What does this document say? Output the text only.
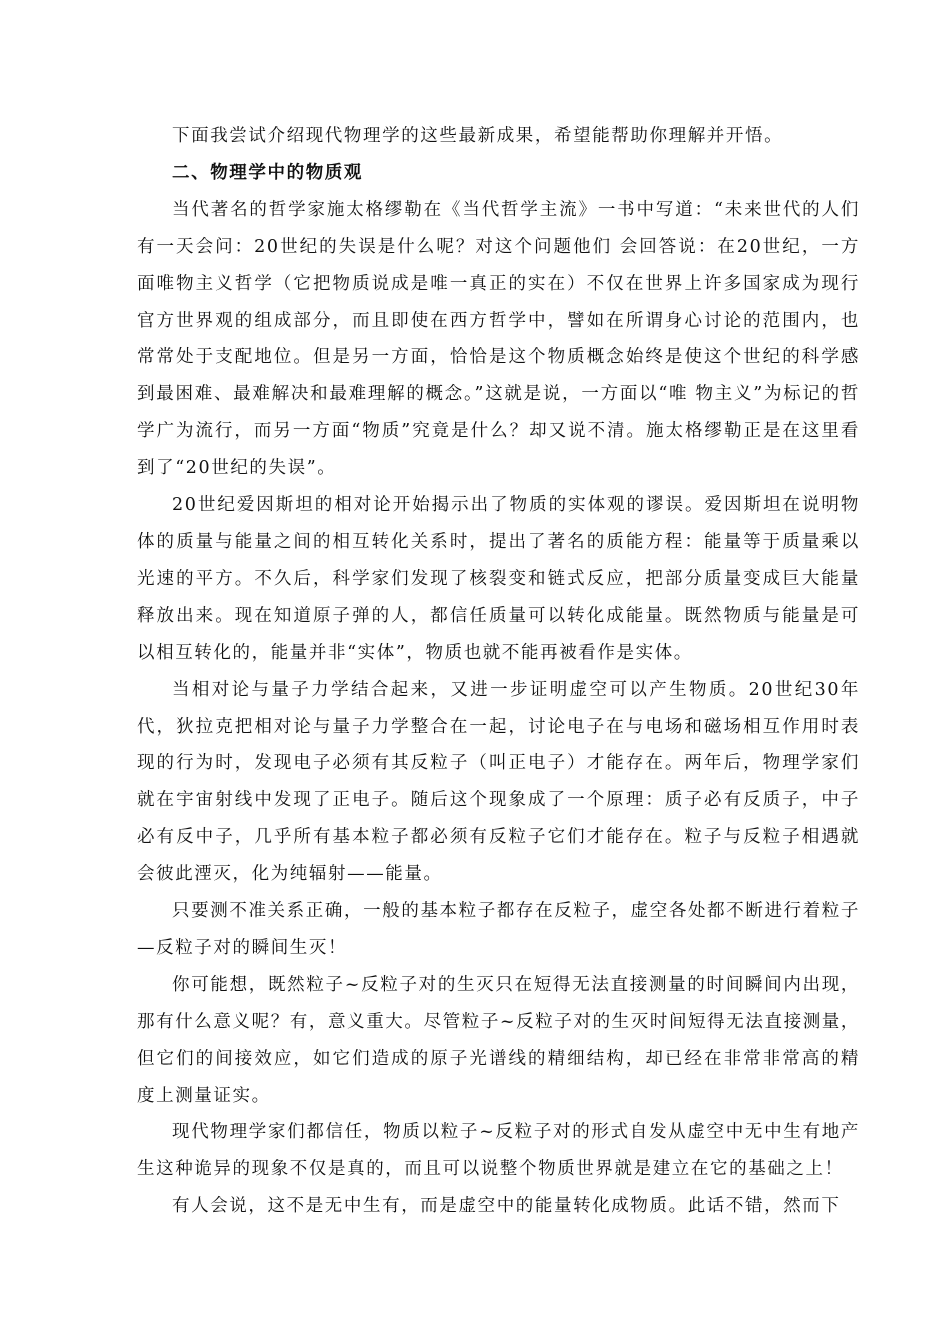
下面我尝试介绍现代物理学的这些最新成果，希望能帮助你理解并开悟。

二、物理学中的物质观

当代著名的哲学家施太格缪勒在《当代哲学主流》一书中写道：“未来世代的人们有一天会问：20世纪的失误是什么呢？对这个问题他们 会回答说：在20世纪，一方面唯物主义哲学（它把物质说成是唯一真正的实在）不仅在世界上许多国家成为现行官方世界观的组成部分，而且即使在西方哲学中，譬如在所谓身心讨论的范围内，也常常处于支配地位。但是另一方面，恰恰是这个物质概念始终是使这个世纪的科学感到最困难、最难解决和最难理解的概念。”这就是说，一方面以“唯 物主义”为标记的哲学广为流行，而另一方面“物质”究竟是什么？却又说不清。施太格缪勒正是在这里看到了“20世纪的失误”。

20世纪爱因斯坦的相对论开始揭示出了物质的实体观的谬误。爱因斯坦在说明物体的质量与能量之间的相互转化关系时，提出了著名的质能方程：能量等于质量乘以光速的平方。不久后，科学家们发现了核裂变和链式反应，把部分质量变成巨大能量释放出来。现在知道原子弹的人，都信任质量可以转化成能量。既然物质与能量是可以相互转化的，能量并非“实体”，物质也就不能再被看作是实体。

当相对论与量子力学结合起来，又进一步证明虚空可以产生物质。20世纪30年代，狄拉克把相对论与量子力学整合在一起，讨论电子在与电场和磁场相互作用时表现的行为时，发现电子必须有其反粒子（叫正电子）才能存在。两年后，物理学家们就在宇宙射线中发现了正电子。随后这个现象成了一个原理：质子必有反质子，中子必有反中子，几乎所有基本粒子都必须有反粒子它们才能存在。粒子与反粒子相遇就会彼此湮灭，化为纯辐射——能量。

只要测不准关系正确，一般的基本粒子都存在反粒子，虚空各处都不断进行着粒子—反粒子对的瞬间生灭！

你可能想，既然粒子~反粒子对的生灭只在短得无法直接测量的时间瞬间内出现，那有什么意义呢？有，意义重大。尽管粒子~反粒子对的生灭时间短得无法直接测量，但它们的间接效应，如它们造成的原子光谱线的精细结构，却已经在非常非常高的精度上测量证实。

现代物理学家们都信任，物质以粒子~反粒子对的形式自发从虚空中无中生有地产生这种诡异的现象不仅是真的，而且可以说整个物质世界就是建立在它的基础之上！

有人会说，这不是无中生有，而是虚空中的能量转化成物质。此话不错，然而下
